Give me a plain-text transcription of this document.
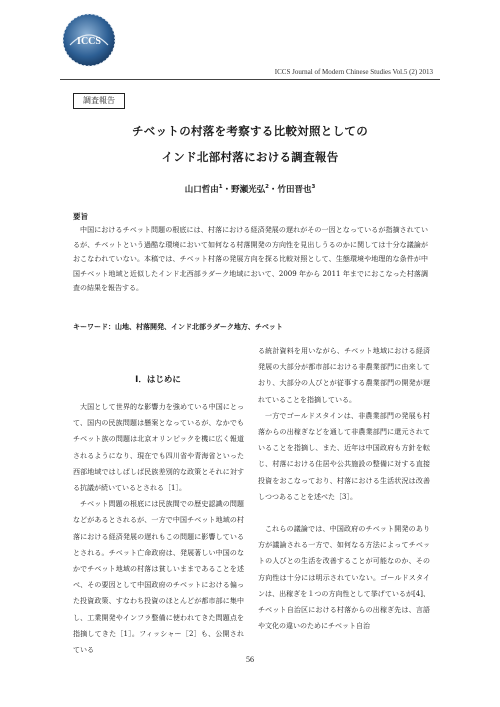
ICCS
ICCS Journal of Modern Chinese Studies Vol.5 (2) 2013
調査報告
チベットの村落を考察する比較対照としての
インド北部村落における調査報告
山口哲由$^1$・野瀬光弘$^2$・竹田晋也$^3$
要旨
中国におけるチベット問題の根底には、村落における経済発展の遅れがその一因となっているが指摘されているが、チベットという過酷な環境において如何なる村落開発の方向性を見出しうるのかに関しては十分な議論がおこなわれていない。本稿では、チベット村落の発展方向を探る比較対照として、生態環境や地理的な条件が中国チベット地域と近似したインド北西部ラダーク地域において、2009 年から 2011 年までにおこなった村落調査の結果を報告する。
キーワード：山地、村落開発、インド北部ラダーク地方、チベット
Ⅰ．はじめに

大国として世界的な影響力を強めている中国にとって、国内の民族問題は懸案となっているが、なかでもチベット族の問題は北京オリンピックを機に広く報道されるようになり、現在でも四川省や青海省といった西部地域ではしばしば民族差別的な政策とそれに対する抗議が続いているとされる［1］。

チベット問題の根底には民族間での歴史認識の問題などがあるとされるが、一方で中国チベット地域の村落における経済発展の遅れもこの問題に影響しているとされる。チベット亡命政府は、発展著しい中国のなかでチベット地域の村落は貧しいままであることを述べ、その要因として中国政府のチベットにおける偏った投資政策、すなわち投資のほとんどが都市部に集中し、工業開発やインフラ整備に使われてきた問題点を指摘してきた［1］。フィッシャー［2］も、公開されている

る統計資料を用いながら、チベット地域における経済発展の大部分が都市部における非農業部門に由来しており、大部分の人びとが従事する農業部門の開発が遅れていることを指摘している。

一方でゴールドスタインは、非農業部門の発展も村落からの出稼ぎなどを通して非農業部門に還元されていることを指摘し、また、近年は中国政府も方針を転じ、村落における住居や公共施設の整備に対する直接投資をおこなっており、村落における生活状況は改善しつつあることを述べた［3］。

これらの議論では、中国政府のチベット開発のあり方が議論される一方で、如何なる方法によってチベットの人びとの生活を改善することが可能なのか、その方向性は十分には明示されていない。ゴールドスタインは、出稼ぎを１つの方向性として挙げているが[4]、チベット自治区における村落からの出稼ぎ先は、言語や文化の違いのためにチベット自治

56
